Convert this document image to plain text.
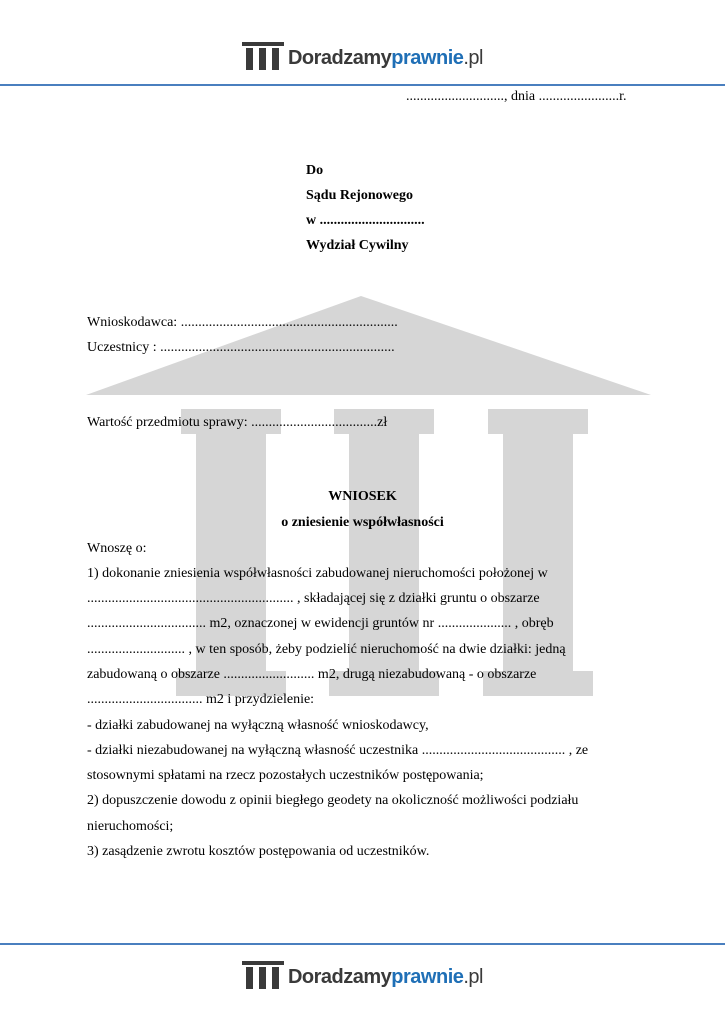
Doradzamyprawnie.pl
............................, dnia .......................r.
Do
Sądu Rejonowego
w ..............................
Wydział Cywilny
Wnioskodawca: ..............................................................
Uczestnicy : ...................................................................
Wartość przedmiotu sprawy: ....................................zł
WNIOSEK
o zniesienie współwłasności
Wnoszę o:
1) dokonanie zniesienia współwłasności zabudowanej nieruchomości położonej w
........................................................... , składającej się z działki gruntu o obszarze
.................................. m2, oznaczonej w ewidencji gruntów nr ..................... , obręb
............................ , w ten sposób, żeby podzielić nieruchomość na dwie działki: jedną
zabudowaną o obszarze .......................... m2, drugą niezabudowaną - o obszarze
................................. m2 i przydzielenie:
- działki zabudowanej na wyłączną własność wnioskodawcy,
- działki niezabudowanej na wyłączną własność uczestnika ......................................... , ze
stosownymi spłatami na rzecz pozostałych uczestników postępowania;
2) dopuszczenie dowodu z opinii biegłego geodety na okoliczność możliwości podziału
nieruchomości;
3) zasądzenie zwrotu kosztów postępowania od uczestników.
Doradzamyprawnie.pl
